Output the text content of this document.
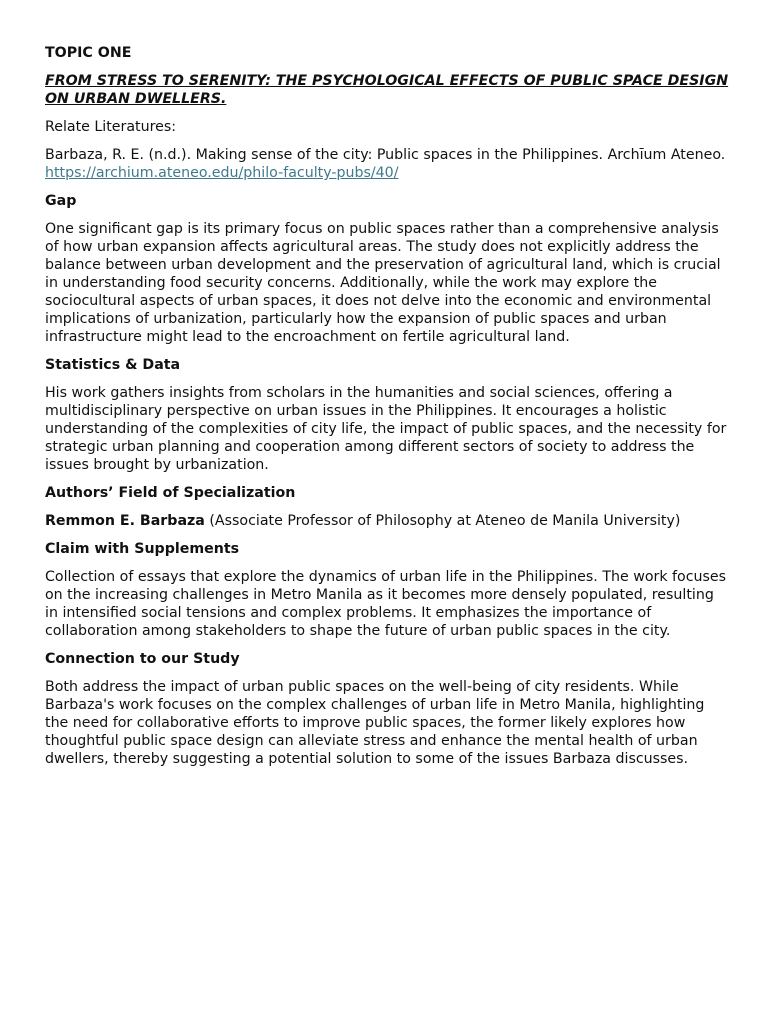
TOPIC ONE

FROM STRESS TO SERENITY: THE PSYCHOLOGICAL EFFECTS OF PUBLIC SPACE DESIGN ON URBAN DWELLERS.

Relate Literatures:

Barbaza, R. E. (n.d.). Making sense of the city: Public spaces in the Philippines. Archīum Ateneo.
https://archium.ateneo.edu/philo-faculty-pubs/40/

Gap

One significant gap is its primary focus on public spaces rather than a comprehensive analysis of how urban expansion affects agricultural areas. The study does not explicitly address the balance between urban development and the preservation of agricultural land, which is crucial in understanding food security concerns. Additionally, while the work may explore the sociocultural aspects of urban spaces, it does not delve into the economic and environmental implications of urbanization, particularly how the expansion of public spaces and urban infrastructure might lead to the encroachment on fertile agricultural land.

Statistics & Data

His work gathers insights from scholars in the humanities and social sciences, offering a multidisciplinary perspective on urban issues in the Philippines. It encourages a holistic understanding of the complexities of city life, the impact of public spaces, and the necessity for strategic urban planning and cooperation among different sectors of society to address the issues brought by urbanization.

Authors’ Field of Specialization

Remmon E. Barbaza (Associate Professor of Philosophy at Ateneo de Manila University)

Claim with Supplements

Collection of essays that explore the dynamics of urban life in the Philippines. The work focuses on the increasing challenges in Metro Manila as it becomes more densely populated, resulting in intensified social tensions and complex problems. It emphasizes the importance of collaboration among stakeholders to shape the future of urban public spaces in the city.

Connection to our Study

Both address the impact of urban public spaces on the well-being of city residents. While Barbaza's work focuses on the complex challenges of urban life in Metro Manila, highlighting the need for collaborative efforts to improve public spaces, the former likely explores how thoughtful public space design can alleviate stress and enhance the mental health of urban dwellers, thereby suggesting a potential solution to some of the issues Barbaza discusses.
